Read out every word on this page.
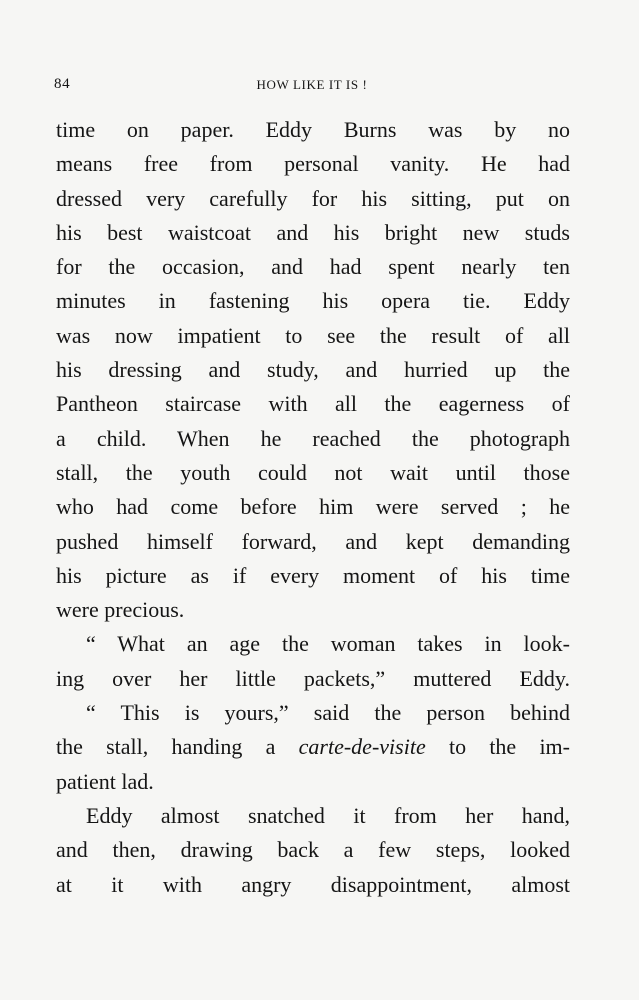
84	HOW LIKE IT IS !
time on paper. Eddy Burns was by no
means free from personal vanity. He had
dressed very carefully for his sitting, put on
his best waistcoat and his bright new studs
for the occasion, and had spent nearly ten
minutes in fastening his opera tie. Eddy
was now impatient to see the result of all
his dressing and study, and hurried up the
Pantheon staircase with all the eagerness of
a child. When he reached the photograph
stall, the youth could not wait until those
who had come before him were served ; he
pushed himself forward, and kept demanding
his picture as if every moment of his time
were precious.
“ What an age the woman takes in look-
ing over her little packets,” muttered Eddy.
“ This is yours,” said the person behind
the stall, handing a carte-de-visite to the im-
patient lad.
Eddy almost snatched it from her hand,
and then, drawing back a few steps, looked
at it with angry disappointment, almost
